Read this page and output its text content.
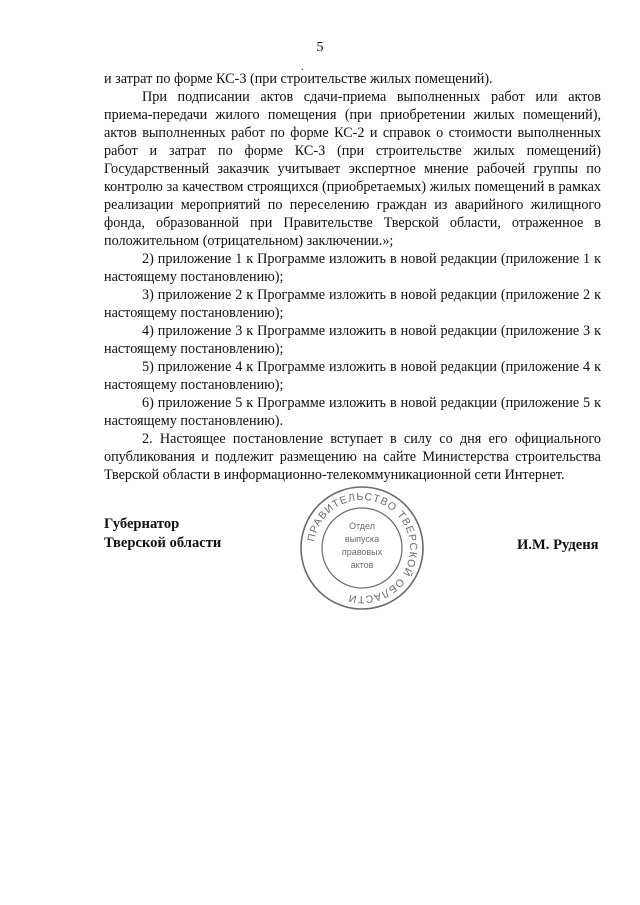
5
.

и затрат по форме КС-3 (при строительстве жилых помещений).

При подписании актов сдачи-приема выполненных работ или актов приема-передачи жилого помещения (при приобретении жилых помещений), актов выполненных работ по форме КС-2 и справок о стоимости выполненных работ и затрат по форме КС-3 (при строительстве жилых помещений) Государственный заказчик учитывает экспертное мнение рабочей группы по контролю за качеством строящихся (приобретаемых) жилых помещений в рамках реализации мероприятий по переселению граждан из аварийного жилищного фонда, образованной при Правительстве Тверской области, отраженное в положительном (отрицательном) заключении.»;

2) приложение 1 к Программе изложить в новой редакции (приложение 1 к настоящему постановлению);

3) приложение 2 к Программе изложить в новой редакции (приложение 2 к настоящему постановлению);

4) приложение 3 к Программе изложить в новой редакции (приложение 3 к настоящему постановлению);

5) приложение 4 к Программе изложить в новой редакции (приложение 4 к настоящему постановлению);

6) приложение 5 к Программе изложить в новой редакции (приложение 5 к настоящему постановлению).

2. Настоящее постановление вступает в силу со дня его официального опубликования и подлежит размещению на сайте Министерства строительства Тверской области в информационно-телекоммуникационной сети Интернет.

Губернатор
Тверской области	ПРАВИТЕЛЬСТВО ТВЕРСКОЙ ОБЛАСТИ
Отдел
выпуска
правовых
актов
И.М. Руденя
